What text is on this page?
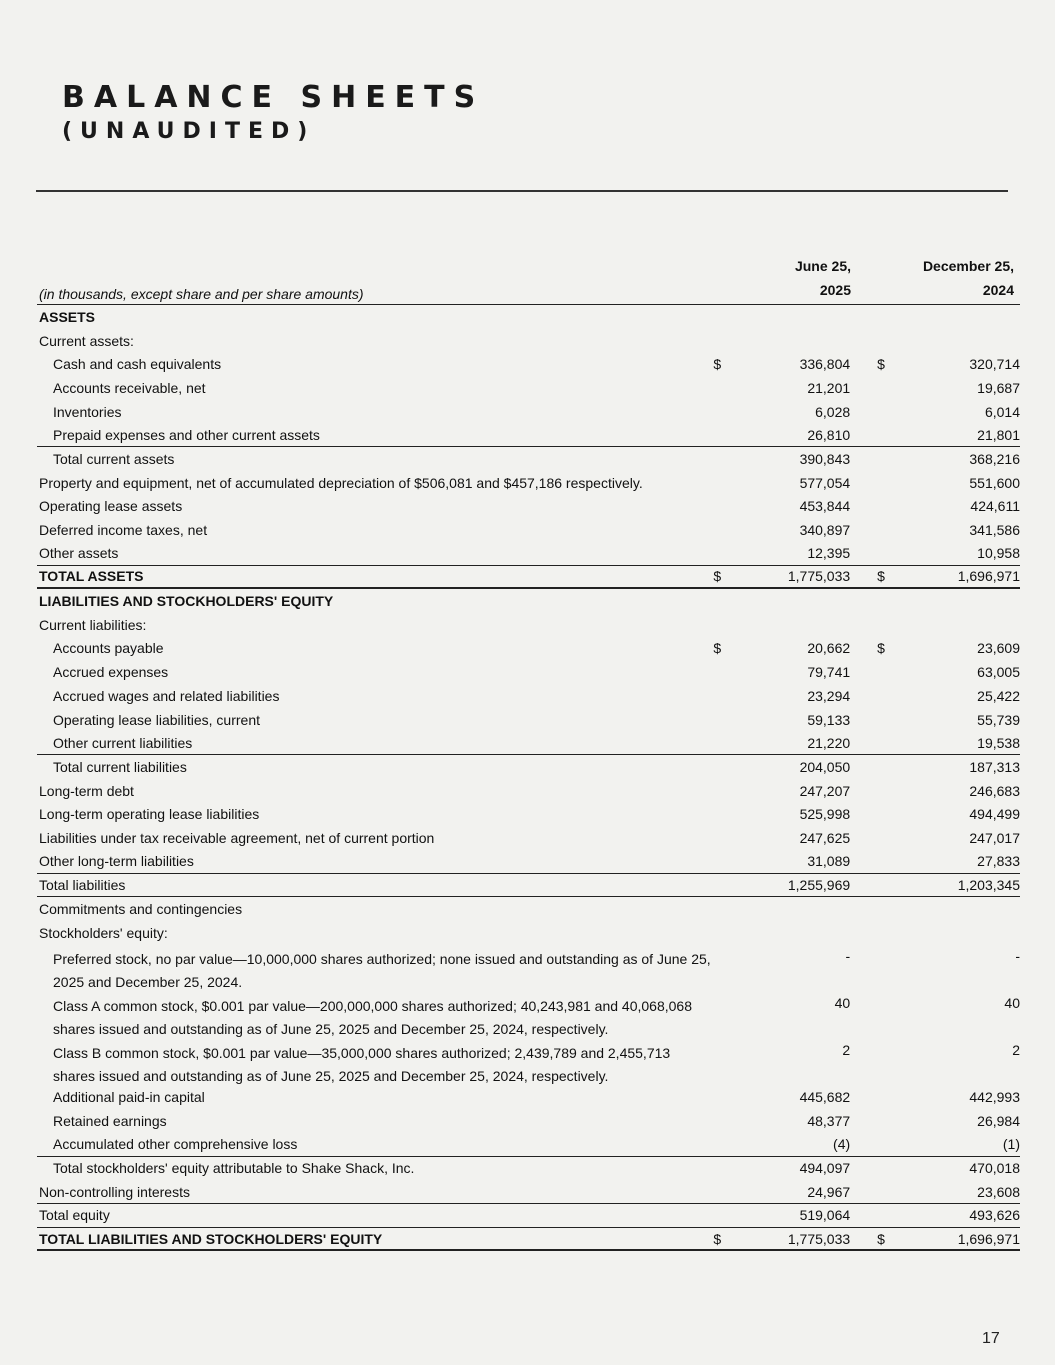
BALANCE SHEETS
(UNAUDITED)
(in thousands, except share and per share amounts)
June 25,
2025
December 25,
2024
ASSETS
Current assets:
Cash and cash equivalents	$	336,804 $	320,714
Accounts receivable, net	21,201	19,687
Inventories	6,028	6,014
Prepaid expenses and other current assets	26,810	21,801
Total current assets	390,843	368,216
Property and equipment, net of accumulated depreciation of $506,081 and $457,186 respectively.	577,054	551,600
Operating lease assets	453,844	424,611
Deferred income taxes, net	340,897	341,586
Other assets	12,395	10,958
TOTAL ASSETS	$	1,775,033 $	1,696,971
LIABILITIES AND STOCKHOLDERS' EQUITY
Current liabilities:
Accounts payable	$	20,662 $	23,609
Accrued expenses	79,741	63,005
Accrued wages and related liabilities	23,294	25,422
Operating lease liabilities, current	59,133	55,739
Other current liabilities	21,220	19,538
Total current liabilities	204,050	187,313
Long-term debt	247,207	246,683
Long-term operating lease liabilities	525,998	494,499
Liabilities under tax receivable agreement, net of current portion	247,625	247,017
Other long-term liabilities	31,089	27,833
Total liabilities	1,255,969	1,203,345
Commitments and contingencies
Stockholders' equity:
Preferred stock, no par value—10,000,000 shares authorized; none issued and outstanding as of June 25, 2025 and December 25, 2024.
-	-
Class A common stock, $0.001 par value—200,000,000 shares authorized; 40,243,981 and 40,068,068 shares issued and outstanding as of June 25, 2025 and December 25, 2024, respectively.
40	40
Class B common stock, $0.001 par value—35,000,000 shares authorized; 2,439,789 and 2,455,713 shares issued and outstanding as of June 25, 2025 and December 25, 2024, respectively.
2	2
Additional paid-in capital	445,682	442,993
Retained earnings	48,377	26,984
Accumulated other comprehensive loss	(4)	(1)
Total stockholders' equity attributable to Shake Shack, Inc.	494,097	470,018
Non-controlling interests	24,967	23,608
Total equity	519,064	493,626
TOTAL LIABILITIES AND STOCKHOLDERS' EQUITY	$	1,775,033 $	1,696,971
17
